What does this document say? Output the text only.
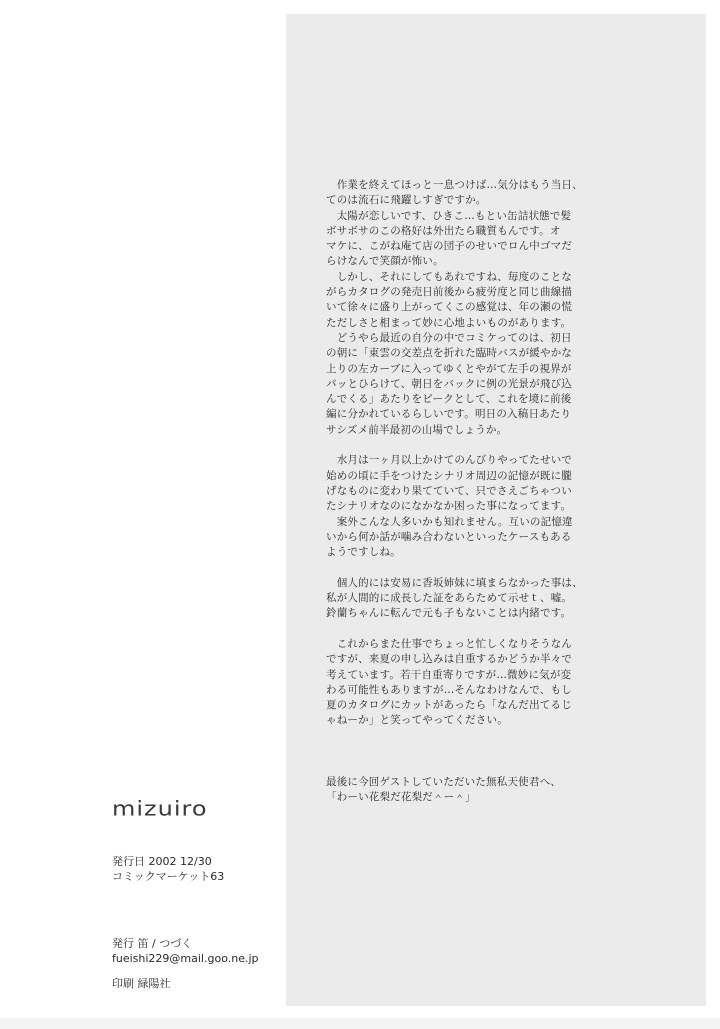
　作業を終えてほっと一息つけば…気分はもう当日、
てのは流石に飛躍しすぎですか。
　太陽が恋しいです、ひきこ…もとい缶詰状態で髪
ボサボサのこの格好は外出たら職質もんです。オ
マケに、こがね庵て店の団子のせいでロん中ゴマだ
らけなんで笑顔が怖い。
　しかし、それにしてもあれですね、毎度のことな
がらカタログの発売日前後から疲労度と同じ曲線描
いて徐々に盛り上がってくこの感覚は、年の瀬の慌
ただしさと相まって妙に心地よいものがあります。
　どうやら最近の自分の中でコミケってのは、初日
の朝に「東雲の交差点を折れた臨時バスが緩やかな
上りの左カーブに入ってゆくとやがて左手の視界が
パッとひらけて、朝日をバックに例の光景が飛び込
んでくる」あたりをピークとして、これを境に前後
編に分かれているらしいです。明日の入稿日あたり
サシズメ前半最初の山場でしょうか。
　水月は一ヶ月以上かけてのんびりやってたせいで
始めの頃に手をつけたシナリオ周辺の記憶が既に朧
げなものに変わり果てていて、只でさえごちゃつい
たシナリオなのになかなか困った事になってます。
　案外こんな人多いかも知れません。互いの記憶違
いから何か話が噛み合わないといったケースもある
ようですしね。
　個人的には安易に香坂姉妹に填まらなかった事は、
私が人間的に成長した証をあらためて示せｔ、嘘。
鈴蘭ちゃんに転んで元も子もないことは内緒です。
　これからまた仕事でちょっと忙しくなりそうなん
ですが、来夏の申し込みは自重するかどうか半々で
考えています。若干自重寄りですが…微妙に気が変
わる可能性もありますが…そんなわけなんで、もし
夏のカタログにカットがあったら「なんだ出てるじ
ゃねーか」と笑ってやってください。
最後に今回ゲストしていただいた無私天使君へ、
「わーい花梨だ花梨だ＾ー＾」
mizuiro
発行日 2002 12/30
コミックマーケット63
発行 笛 / つづく
fueishi229@mail.goo.ne.jp
印刷 緑陽社
